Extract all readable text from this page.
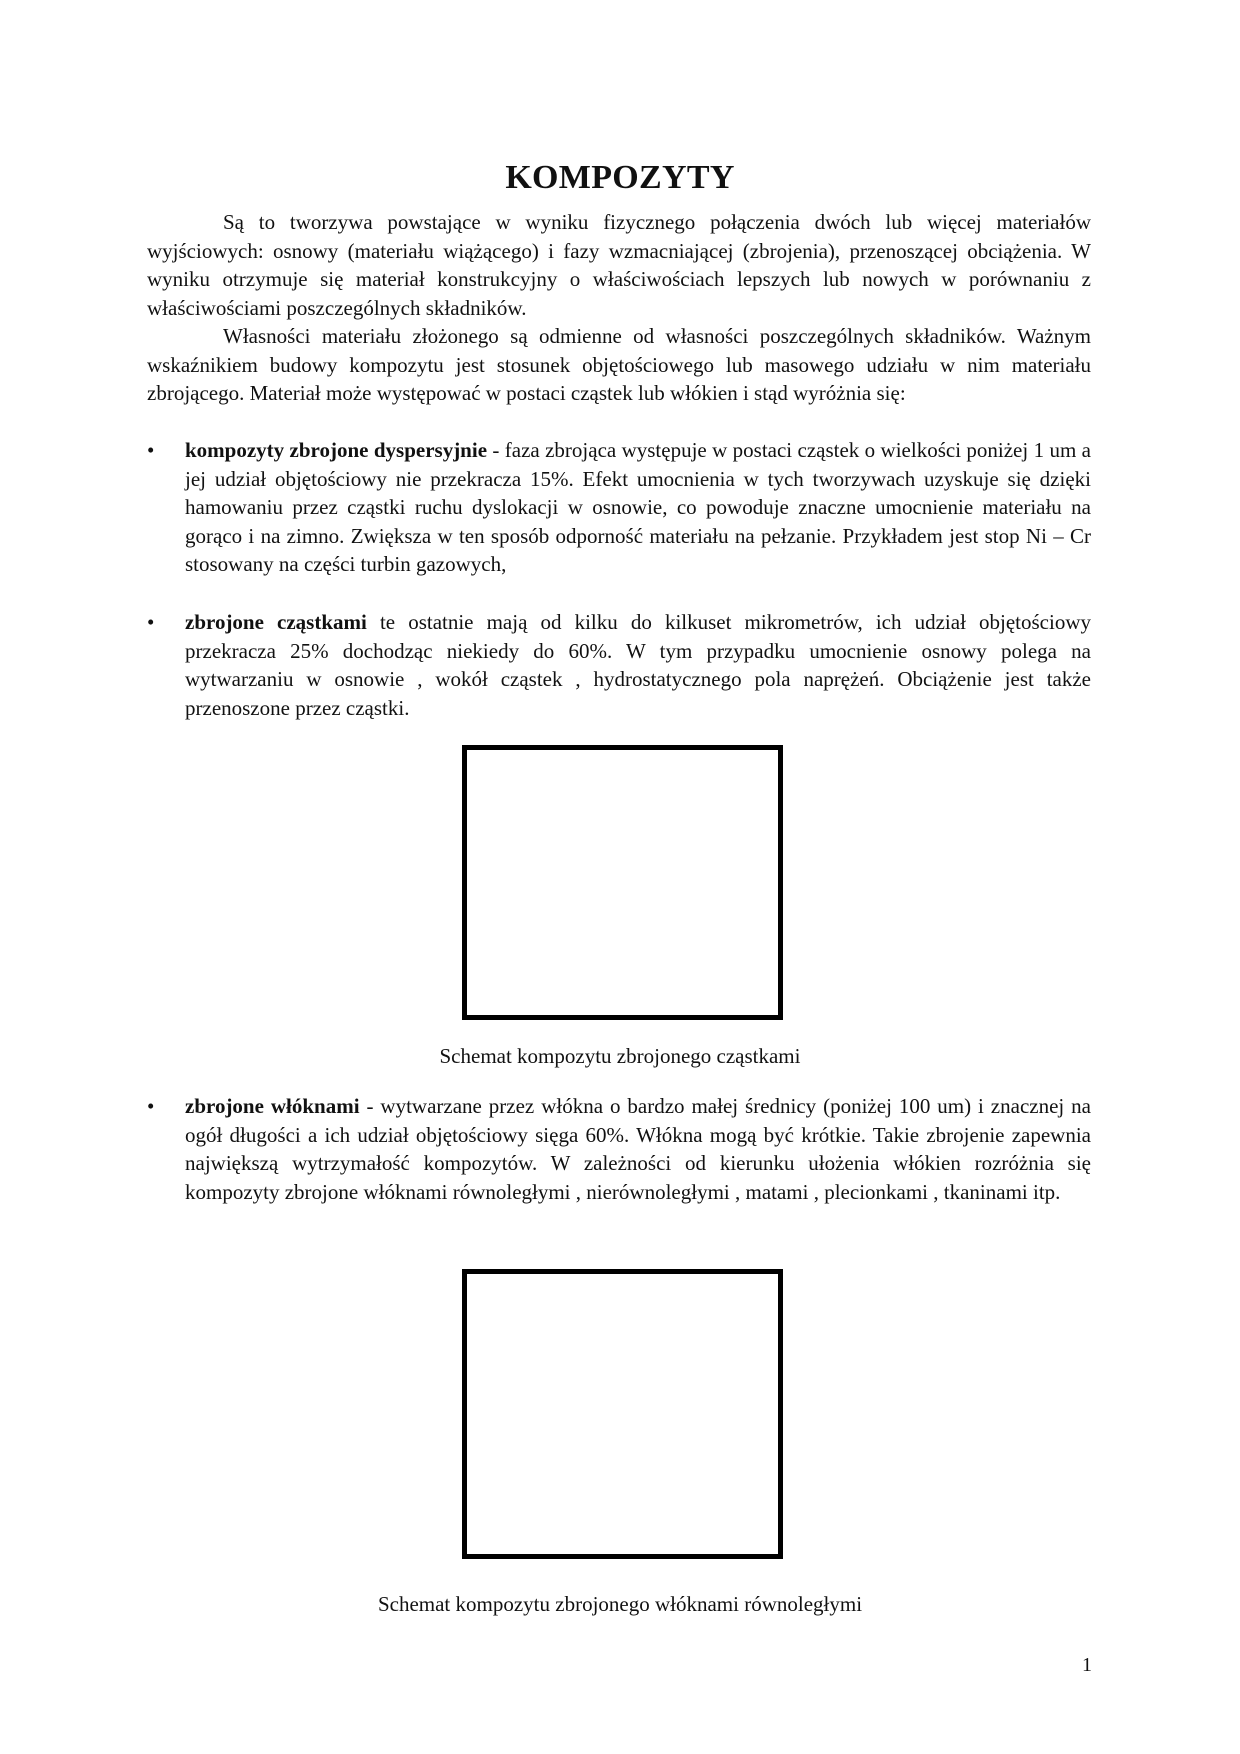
KOMPOZYTY

Są to tworzywa powstające w wyniku fizycznego połączenia dwóch lub więcej materiałów wyjściowych: osnowy (materiału wiążącego) i fazy wzmacniającej (zbrojenia), przenoszącej obciążenia. W wyniku otrzymuje się materiał konstrukcyjny o właściwościach lepszych lub nowych w porównaniu z właściwościami poszczególnych składników.

Własności materiału złożonego są odmienne od własności poszczególnych składników. Ważnym wskaźnikiem budowy kompozytu jest stosunek objętościowego lub masowego udziału w nim materiału zbrojącego. Materiał może występować w postaci cząstek lub włókien i stąd wyróżnia się:

•	kompozyty zbrojone dyspersyjnie - faza zbrojąca występuje w postaci cząstek o wielkości poniżej 1 um a jej udział objętościowy nie przekracza 15%. Efekt umocnienia w tych tworzywach uzyskuje się dzięki hamowaniu przez cząstki ruchu dyslokacji w osnowie, co powoduje znaczne umocnienie materiału na gorąco i na zimno. Zwiększa w ten sposób odporność materiału na pełzanie. Przykładem jest stop Ni – Cr stosowany na części turbin gazowych,
•	zbrojone cząstkami te ostatnie mają od kilku do kilkuset mikrometrów, ich udział objętościowy przekracza 25% dochodząc niekiedy do 60%. W tym przypadku umocnienie osnowy polega na wytwarzaniu w osnowie , wokół cząstek , hydrostatycznego pola naprężeń. Obciążenie jest także przenoszone przez cząstki.
Schemat kompozytu zbrojonego cząstkami
•	zbrojone włóknami - wytwarzane przez włókna o bardzo małej średnicy (poniżej 100 um) i znacznej na ogół długości a ich udział objętościowy sięga 60%. Włókna mogą być krótkie. Takie zbrojenie zapewnia największą wytrzymałość kompozytów. W zależności od kierunku ułożenia włókien rozróżnia się kompozyty zbrojone włóknami równoległymi , nierównoległymi , matami , plecionkami , tkaninami itp.
Schemat kompozytu zbrojonego włóknami równoległymi
1
